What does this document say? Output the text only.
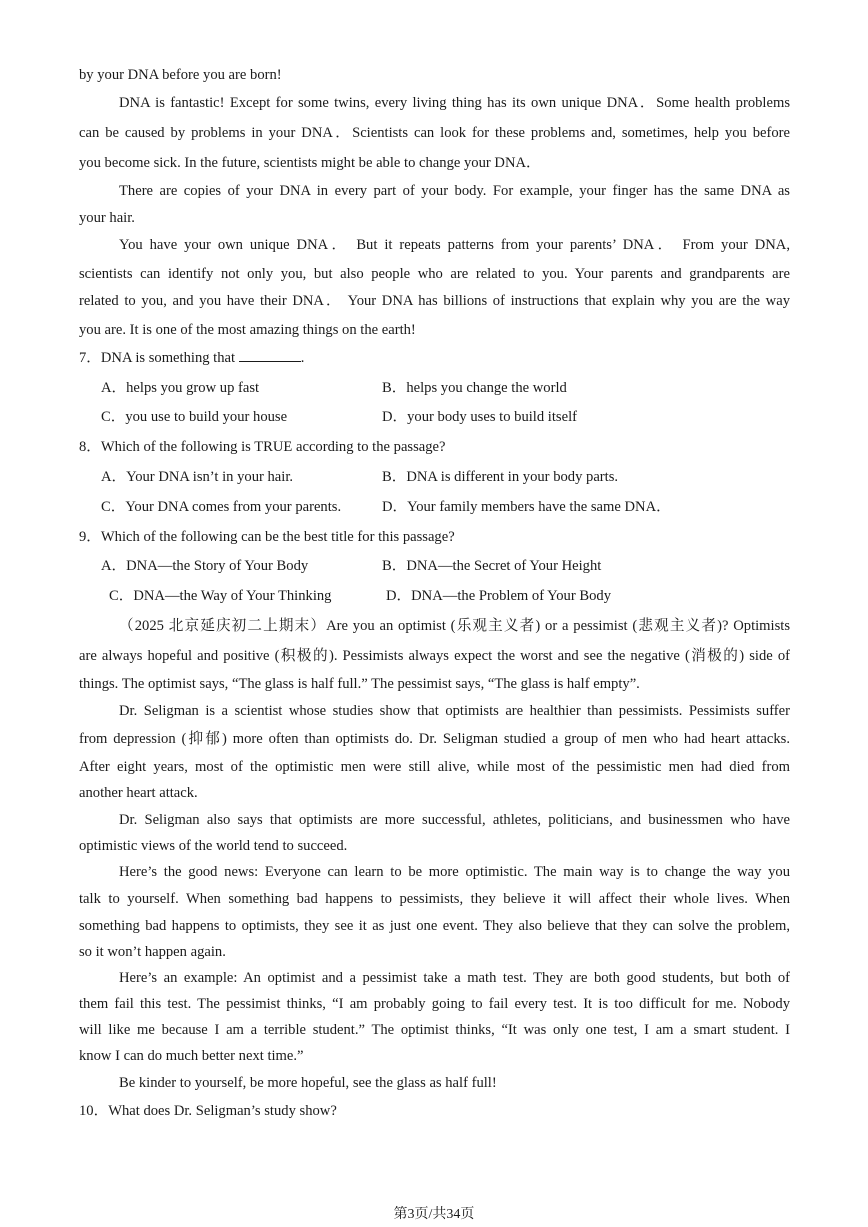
by your DNA before you are born!
DNA is fantastic! Except for some twins, every living thing has its own unique DNA．Some health problems
can be caused by problems in your DNA．Scientists can look for these problems and, sometimes, help you before
you become sick. In the future, scientists might be able to change your DNA．
There are copies of your DNA in every part of your body. For example, your finger has the same DNA as
your hair.
You have your own unique DNA． But it repeats patterns from your parents’ DNA． From your DNA,
scientists can identify not only you, but also people who are related to you. Your parents and grandparents are
related to you, and you have their DNA． Your DNA has billions of instructions that explain why you are the way
you are. It is one of the most amazing things on the earth!
7．DNA is something that	.
A．helps you grow up fast	B．helps you change the world
C．you use to build your house	D．your body uses to build itself
8．Which of the following is TRUE according to the passage?
A．Your DNA isn’t in your hair.	B．DNA is different in your body parts.
C．Your DNA comes from your parents.	D．Your family members have the same DNA．
9．Which of the following can be the best title for this passage?
A．DNA—the Story of Your Body	B．DNA—the Secret of Your Height
C．DNA—the Way of Your Thinking	D．DNA—the Problem of Your Body
（2025 北京延庆初二上期末）Are you an optimist (乐观主义者) or a pessimist (悲观主义者)? Optimists
are always hopeful and positive (积极的). Pessimists always expect the worst and see the negative (消极的) side of
things. The optimist says, “The glass is half full.” The pessimist says, “The glass is half empty”.
Dr. Seligman is a scientist whose studies show that optimists are healthier than pessimists. Pessimists suffer
from depression (抑郁) more often than optimists do. Dr. Seligman studied a group of men who had heart attacks.
After eight years, most of the optimistic men were still alive, while most of the pessimistic men had died from
another heart attack.
Dr. Seligman also says that optimists are more successful, athletes, politicians, and businessmen who have
optimistic views of the world tend to succeed.
Here’s the good news: Everyone can learn to be more optimistic. The main way is to change the way you
talk to yourself. When something bad happens to pessimists, they believe it will affect their whole lives. When
something bad happens to optimists, they see it as just one event. They also believe that they can solve the problem,
so it won’t happen again.
Here’s an example: An optimist and a pessimist take a math test. They are both good students, but both of
them fail this test. The pessimist thinks, “I am probably going to fail every test. It is too difficult for me. Nobody
will like me because I am a terrible student.” The optimist thinks, “It was only one test, I am a smart student. I
know I can do much better next time.”
Be kinder to yourself, be more hopeful, see the glass as half full!
10．What does Dr. Seligman’s study show?
第3页/共34页
